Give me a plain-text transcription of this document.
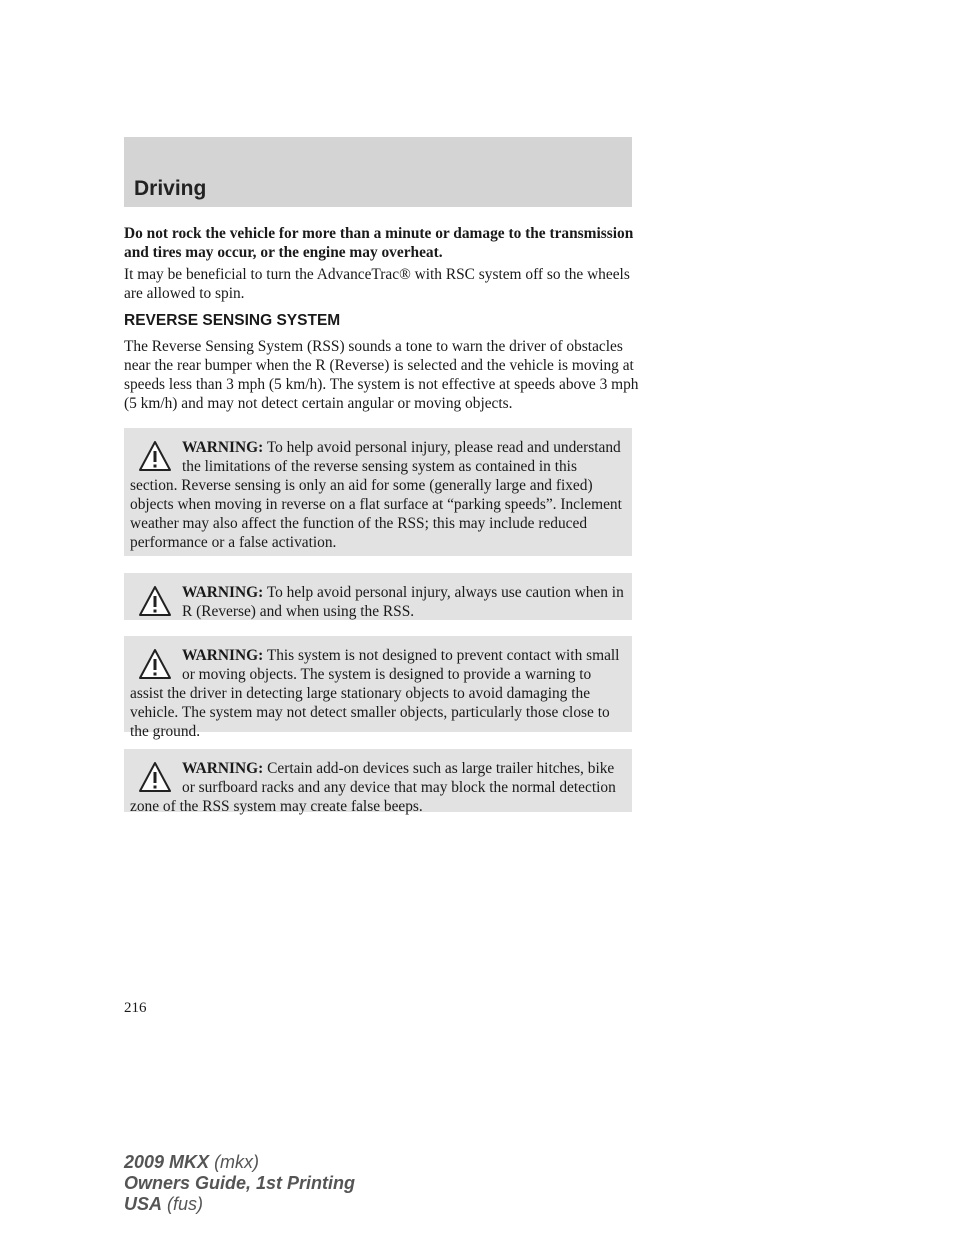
Driving

Do not rock the vehicle for more than a minute or damage to the transmission and tires may occur, or the engine may overheat.

It may be beneficial to turn the AdvanceTrac® with RSC system off so the wheels are allowed to spin.

REVERSE SENSING SYSTEM

The Reverse Sensing System (RSS) sounds a tone to warn the driver of obstacles near the rear bumper when the R (Reverse) is selected and the vehicle is moving at speeds less than 3 mph (5 km/h). The system is not effective at speeds above 3 mph (5 km/h) and may not detect certain angular or moving objects.

WARNING: To help avoid personal injury, please read and understand the limitations of the reverse sensing system as contained in this section. Reverse sensing is only an aid for some (generally large and fixed) objects when moving in reverse on a flat surface at “parking speeds”. Inclement weather may also affect the function of the RSS; this may include reduced performance or a false activation.
WARNING: To help avoid personal injury, always use caution when in R (Reverse) and when using the RSS.
WARNING: This system is not designed to prevent contact with small or moving objects. The system is designed to provide a warning to assist the driver in detecting large stationary objects to avoid damaging the vehicle. The system may not detect smaller objects, particularly those close to the ground.
WARNING: Certain add-on devices such as large trailer hitches, bike or surfboard racks and any device that may block the normal detection zone of the RSS system may create false beeps.
216
2009 MKX (mkx)
Owners Guide, 1st Printing
USA (fus)
